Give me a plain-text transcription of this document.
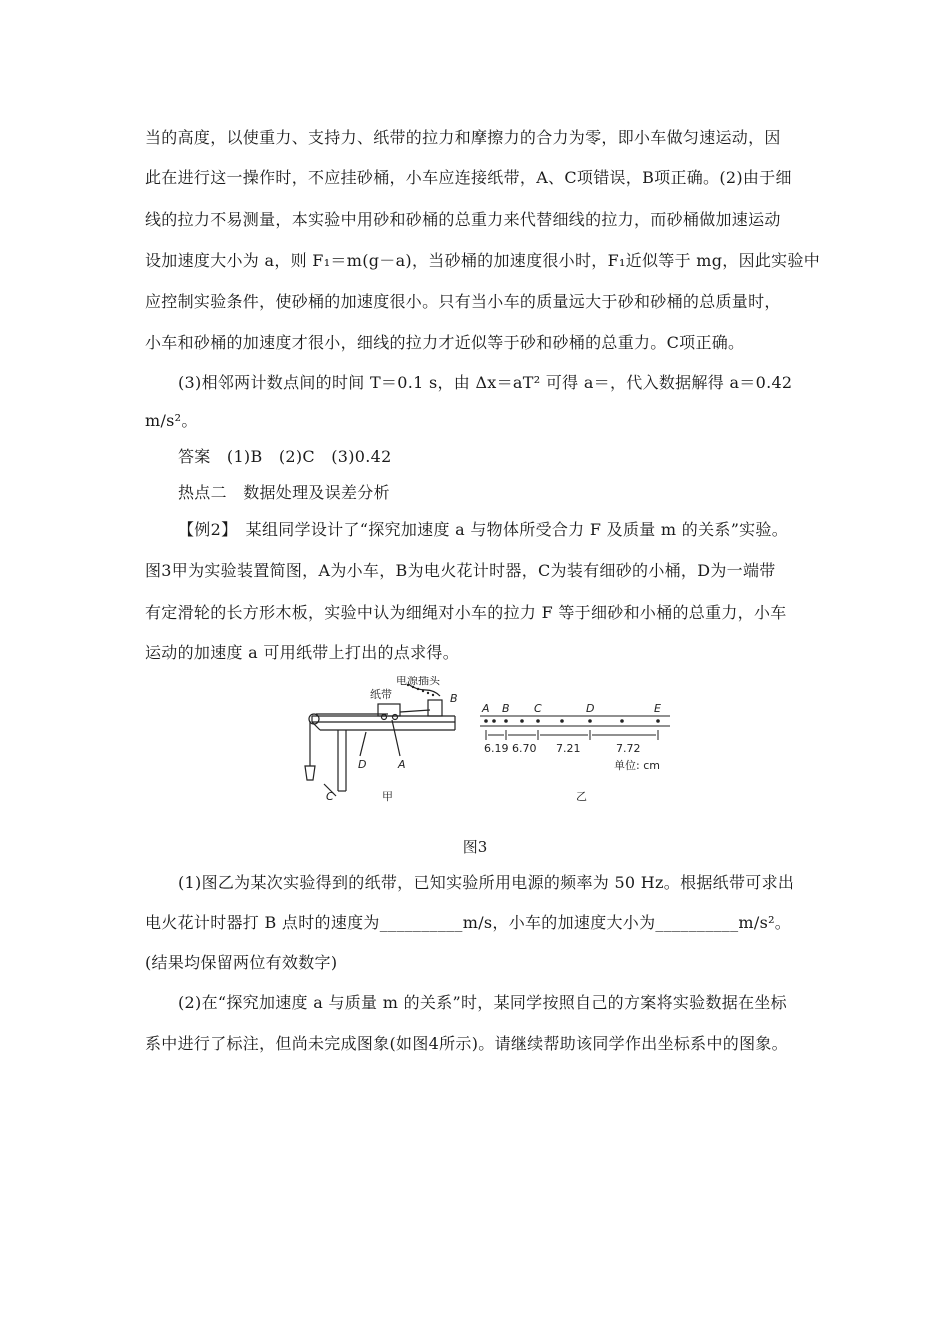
当的高度，以使重力、支持力、纸带的拉力和摩擦力的合力为零，即小车做匀速运动，因
此在进行这一操作时，不应挂砂桶，小车应连接纸带，A、C项错误，B项正确。(2)由于细
线的拉力不易测量，本实验中用砂和砂桶的总重力来代替细线的拉力，而砂桶做加速运动
设加速度大小为 a，则 F₁＝m(g－a)，当砂桶的加速度很小时，F₁近似等于 mg，因此实验中
应控制实验条件，使砂桶的加速度很小。只有当小车的质量远大于砂和砂桶的总质量时，
小车和砂桶的加速度才很小，细线的拉力才近似等于砂和砂桶的总重力。C项正确。
(3)相邻两计数点间的时间 T＝0.1 s，由 Δx＝aT² 可得 a＝，代入数据解得 a＝0.42
m/s²。
答案　(1)B　(2)C　(3)0.42
热点二　数据处理及误差分析
【例2】　某组同学设计了“探究加速度 a 与物体所受合力 F 及质量 m 的关系”实验。
图3甲为实验装置简图，A为小车，B为电火花计时器，C为装有细砂的小桶，D为一端带
有定滑轮的长方形木板，实验中认为细绳对小车的拉力 F 等于细砂和小桶的总重力，小车
运动的加速度 a 可用纸带上打出的点求得。
电源插头
纸带	B
C
D	A
甲
A B C	D	E
6.19 6.70 7.21	7.72
单位: cm
乙
图3
(1)图乙为某次实验得到的纸带，已知实验所用电源的频率为 50 Hz。根据纸带可求出
电火花计时器打 B 点时的速度为__________m/s，小车的加速度大小为__________m/s²。
(结果均保留两位有效数字)
(2)在“探究加速度 a 与质量 m 的关系”时，某同学按照自己的方案将实验数据在坐标
系中进行了标注，但尚未完成图象(如图4所示)。请继续帮助该同学作出坐标系中的图象。
